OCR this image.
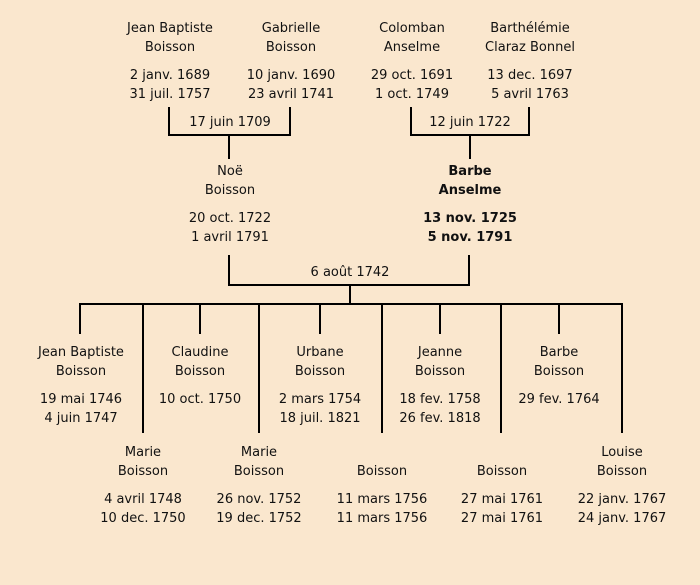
Jean Baptiste
Boisson
2 janv. 1689
31 juil. 1757
Gabrielle
Boisson
10 janv. 1690
23 avril 1741
Colomban
Anselme
29 oct. 1691
1 oct. 1749
Barthélémie
Claraz Bonnel
13 dec. 1697
5 avril 1763
17 juin 1709	12 juin 1722
Noë
Boisson
20 oct. 1722
1 avril 1791
Barbe
Anselme
13 nov. 1725
5 nov. 1791
6 août 1742
Jean Baptiste
Boisson
19 mai 1746
4 juin 1747
Claudine
Boisson
10 oct. 1750
Urbane
Boisson
2 mars 1754
18 juil. 1821
Jeanne
Boisson
18 fev. 1758
26 fev. 1818
Barbe
Boisson
29 fev. 1764
Marie
Boisson
4 avril 1748
10 dec. 1750
Marie
Boisson
26 nov. 1752
19 dec. 1752
Boisson
11 mars 1756
11 mars 1756
Boisson
27 mai 1761
27 mai 1761
Louise
Boisson
22 janv. 1767
24 janv. 1767
